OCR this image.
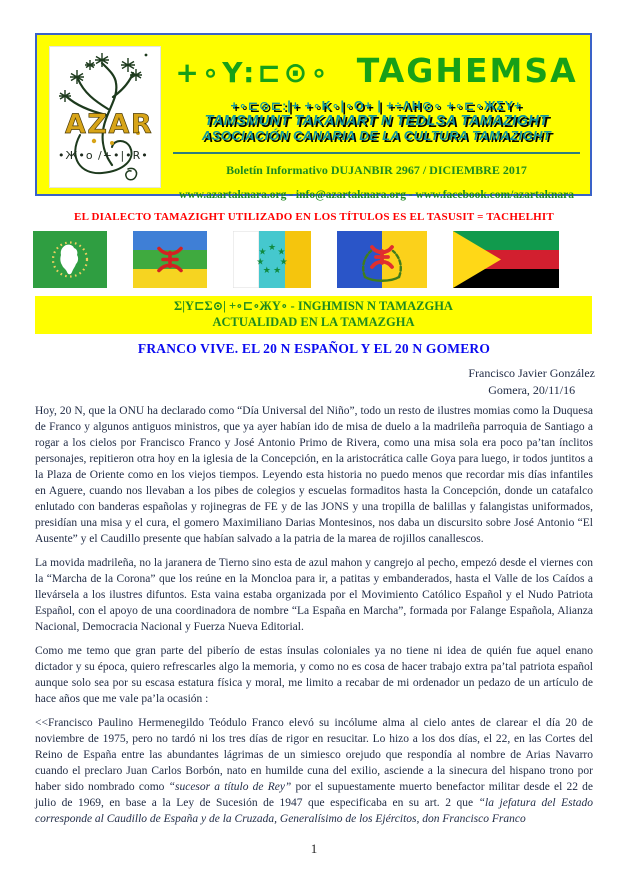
AZAR
•Ж•o /+•|•R•
+∘Y:⊏⊙∘ TAGHEMSA
+∘⊏⊙⊏:|+ +∘K∘|∘O+ | +÷ΛH⊙∘ +∘⊏∘ЖΣY+
TAMSMUNT TAKANART N TEDLSA TAMAZIGHT
ASOCIACIÓN CANARIA DE LA CULTURA TAMAZIGHT
Boletín Informativo DUJANBIR 2967 / DICIEMBRE 2017
www.azartaknara.org - info@azartaknara.org - www.facebook.com/azartaknara
EL DIALECTO TAMAZIGHT UTILIZADO EN LOS TÍTULOS ES EL TASUSIT = TACHELHIT
★
★
★
★ ★
★
★
Σ|Y⊏Σ⊙| +∘⊏∘ЖY∘ - INGHMISN N TAMAZGHA
ACTUALIDAD EN LA TAMAZGHA
FRANCO VIVE. EL 20 N ESPAÑOL Y EL 20 N GOMERO
Francisco Javier González
Gomera, 20/11/16

Hoy, 20 N, que la ONU ha declarado como “Día Universal del Niño”, todo un resto de ilustres momias como la Duquesa de Franco y algunos antiguos ministros, que ya ayer habían ido de misa de duelo a la madrileña parroquia de Santiago a rogar a los cielos por Francisco Franco y José Antonio Primo de Rivera, como una misa sola era poco pa’tan ínclitos personajes, repitieron otra hoy en la iglesia de la Concepción, en la aristocrática calle Goya para luego, ir todos juntitos a la Plaza de Oriente como en los viejos tiempos. Leyendo esta historia no puedo menos que recordar mis días infantiles en Aguere, cuando nos llevaban a los pibes de colegios y escuelas formaditos hasta la Concepción, donde un catafalco enlutado con banderas españolas y rojinegras de FE y de las JONS y una tropilla de balillas y falangistas uniformados, presidían una misa y el cura, el gomero Maximiliano Darias Montesinos, nos daba un discursito sobre José Antonio “El Ausente” y el Caudillo presente que habían salvado a la patria de la marea de rojillos canallescos.

La movida madrileña, no la jaranera de Tierno sino esta de azul mahon y cangrejo al pecho, empezó desde el viernes con la “Marcha de la Corona” que los reúne en la Moncloa para ir, a patitas y embanderados, hasta el Valle de los Caídos a llevársela a los ilustres difuntos. Esta vaina estaba organizada por el Movimiento Católico Español y el Nudo Patriota Español, con el apoyo de una coordinadora de nombre “La España en Marcha”, formada por Falange Española, Alianza Nacional, Democracia Nacional y Fuerza Nueva Editorial.

Como me temo que gran parte del piberío de estas ínsulas coloniales ya no tiene ni idea de quién fue aquel enano dictador y su época, quiero refrescarles algo la memoria, y como no es cosa de hacer trabajo extra pa’tal patriota español aunque solo sea por su escasa estatura física y moral, me limito a recabar de mi ordenador un pedazo de un artículo de hace años que me vale pa’la ocasión :

<<Francisco Paulino Hermenegildo Teódulo Franco elevó su incólume alma al cielo antes de clarear el día 20 de noviembre de 1975, pero no tardó ni los tres días de rigor en resucitar. Lo hizo a los dos días, el 22, en las Cortes del Reino de España entre las abundantes lágrimas de un simiesco orejudo que respondía al nombre de Arias Navarro cuando el preclaro Juan Carlos Borbón, nato en humilde cuna del exilio, asciende a la sinecura del hispano trono por haber sido nombrado como “sucesor a título de Rey” por el supuestamente muerto benefactor militar desde el 22 de julio de 1969, en base a la Ley de Sucesión de 1947 que especificaba en su art. 2 que “la jefatura del Estado corresponde al Caudillo de España y de la Cruzada, Generalísimo de los Ejércitos, don Francisco Franco

1
